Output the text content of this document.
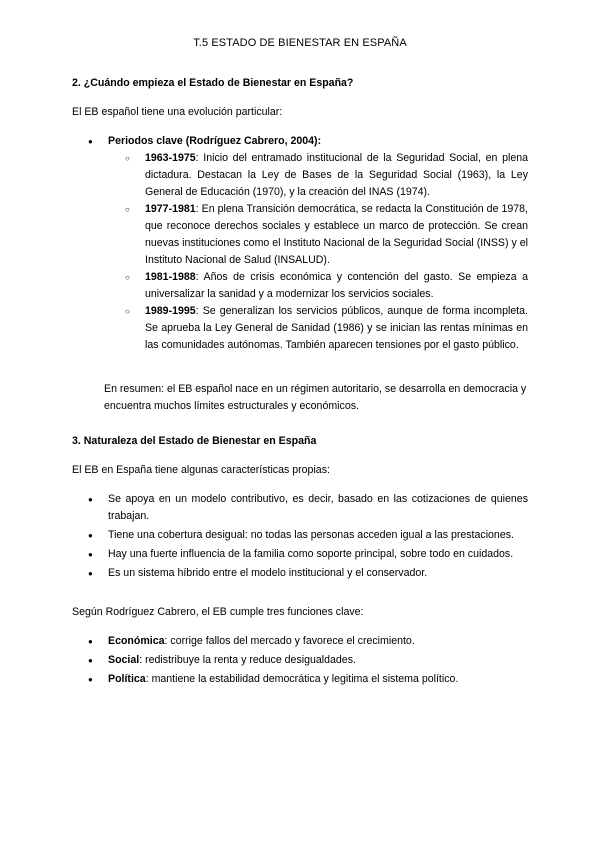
T.5 ESTADO DE BIENESTAR EN ESPAÑA
2. ¿Cuándo empieza el Estado de Bienestar en España?
El EB español tiene una evolución particular:
● Periodos clave (Rodríguez Cabrero, 2004):
○ 1963-1975: Inicio del entramado institucional de la Seguridad Social, en plena dictadura. Destacan la Ley de Bases de la Seguridad Social (1963), la Ley General de Educación (1970), y la creación del INAS (1974).
○ 1977-1981: En plena Transición democrática, se redacta la Constitución de 1978, que reconoce derechos sociales y establece un marco de protección. Se crean nuevas instituciones como el Instituto Nacional de la Seguridad Social (INSS) y el Instituto Nacional de Salud (INSALUD).
○ 1981-1988: Años de crisis económica y contención del gasto. Se empieza a universalizar la sanidad y a modernizar los servicios sociales.
○ 1989-1995: Se generalizan los servicios públicos, aunque de forma incompleta. Se aprueba la Ley General de Sanidad (1986) y se inician las rentas mínimas en las comunidades autónomas. También aparecen tensiones por el gasto público.
En resumen: el EB español nace en un régimen autoritario, se desarrolla en democracia y encuentra muchos límites estructurales y económicos.
3. Naturaleza del Estado de Bienestar en España
El EB en España tiene algunas características propias:
● Se apoya en un modelo contributivo, es decir, basado en las cotizaciones de quienes trabajan.
● Tiene una cobertura desigual: no todas las personas acceden igual a las prestaciones.
● Hay una fuerte influencia de la familia como soporte principal, sobre todo en cuidados.
● Es un sistema híbrido entre el modelo institucional y el conservador.
Según Rodríguez Cabrero, el EB cumple tres funciones clave:
● Económica: corrige fallos del mercado y favorece el crecimiento.
● Social: redistribuye la renta y reduce desigualdades.
● Política: mantiene la estabilidad democrática y legitima el sistema político.
